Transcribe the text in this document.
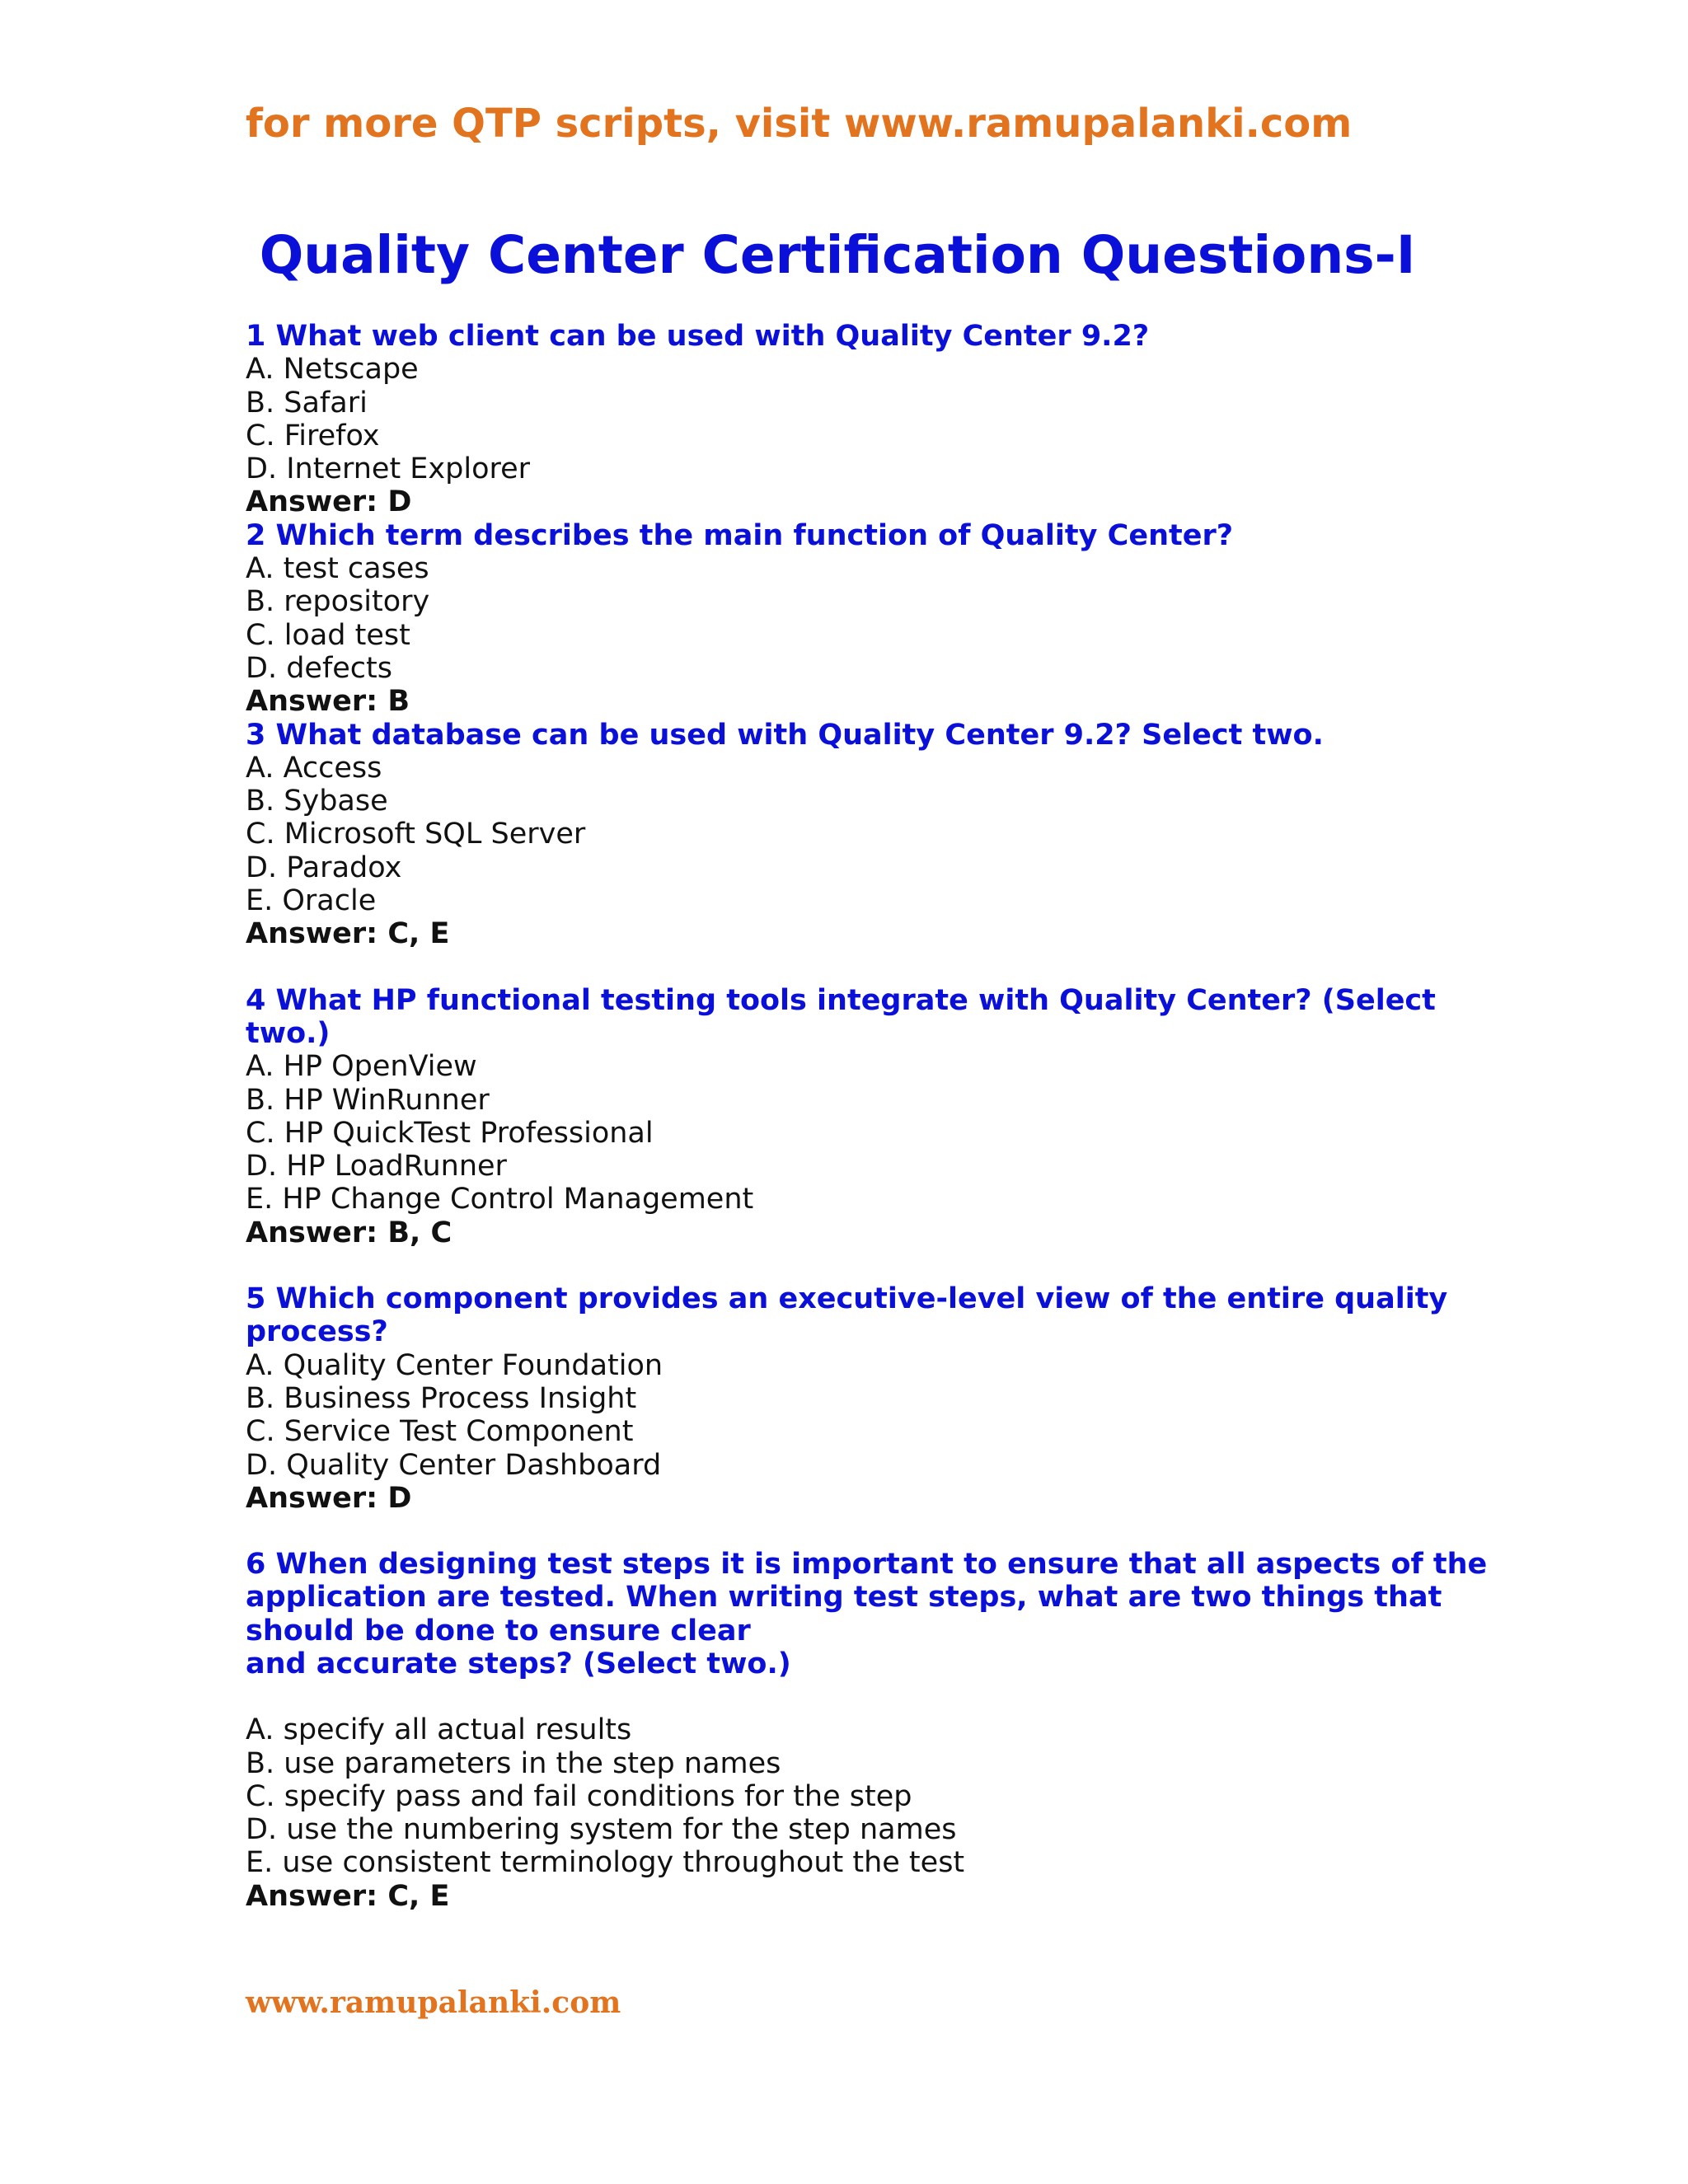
for more QTP scripts, visit www.ramupalanki.com

Quality Center Certification Questions-I
1 What web client can be used with Quality Center 9.2?
A. Netscape
B. Safari
C. Firefox
D. Internet Explorer
Answer: D
2 Which term describes the main function of Quality Center?
A. test cases
B. repository
C. load test
D. defects
Answer: B
3 What database can be used with Quality Center 9.2? Select two.
A. Access
B. Sybase
C. Microsoft SQL Server
D. Paradox
E. Oracle
Answer: C, E
4 What HP functional testing tools integrate with Quality Center? (Select
two.)
A. HP OpenView
B. HP WinRunner
C. HP QuickTest Professional
D. HP LoadRunner
E. HP Change Control Management
Answer: B, C
5 Which component provides an executive-level view of the entire quality
process?
A. Quality Center Foundation
B. Business Process Insight
C. Service Test Component
D. Quality Center Dashboard
Answer: D
6 When designing test steps it is important to ensure that all aspects of the
application are tested. When writing test steps, what are two things that
should be done to ensure clear
and accurate steps? (Select two.)
A. specify all actual results
B. use parameters in the step names
C. specify pass and fail conditions for the step
D. use the numbering system for the step names
E. use consistent terminology throughout the test
Answer: C, E

www.ramupalanki.com
